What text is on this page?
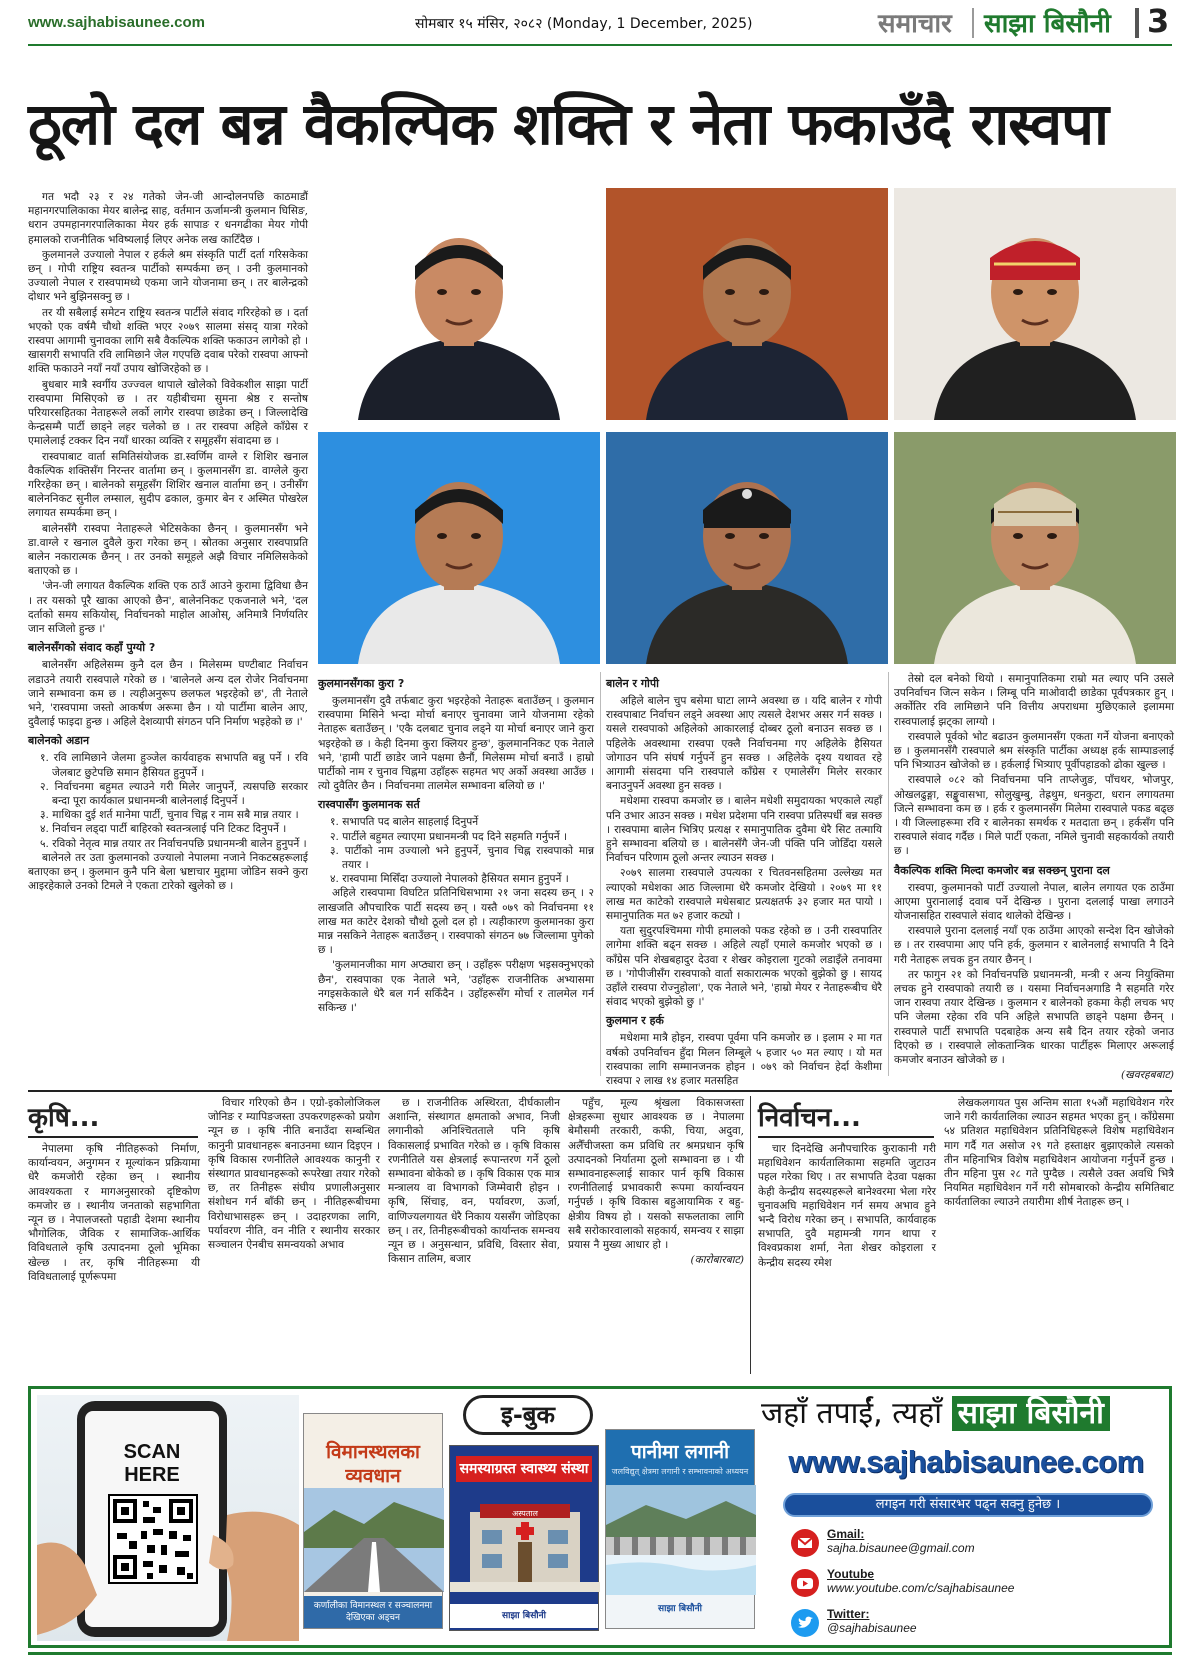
www.sajhabisaunee.com	सोमबार १५ मंसिर, २०८२ (Monday, 1 December, 2025)	समाचार साझा बिसौनी 3
ठूलो दल बन्न वैकल्पिक शक्ति र नेता फकाउँदै रास्वपा

गत भदौ २३ र २४ गतेको जेन-जी आन्दोलनपछि काठमाडौं महानगरपालिकाका मेयर बालेन्द्र साह, वर्तमान ऊर्जामन्त्री कुलमान घिसिङ, धरान उपमहानगरपालिकाका मेयर हर्क सापाङ र धनगढीका मेयर गोपी हमालको राजनीतिक भविष्यलाई लिएर अनेक लख काटिँदैछ ।

कुलमानले उज्यालो नेपाल र हर्कले श्रम संस्कृति पार्टी दर्ता गरिसकेका छन् । गोपी राष्ट्रिय स्वतन्त्र पार्टीको सम्पर्कमा छन् । उनी कुलमानको उज्यालो नेपाल र रास्वपामध्ये एकमा जाने योजनामा छन् । तर बालेन्द्रको दोधार भने बुझिनसक्नु छ ।

तर यी सबैलाई समेटन राष्ट्रिय स्वतन्त्र पार्टीले संवाद गरिरहेको छ । दर्ता भएको एक वर्षमै चौथो शक्ति भएर २०७९ सालमा संसद् यात्रा गरेको रास्वपा आगामी चुनावका लागि सबै वैकल्पिक शक्ति फकाउन लागेको हो । खासगरी सभापति रवि लामिछाने जेल गएपछि दवाब परेको रास्वपा आफ्नो शक्ति फकाउने नयाँ नयाँ उपाय खोजिरहेको छ ।

बुधबार मात्रै स्वर्गीय उज्ज्वल थापाले खोलेको विवेकशील साझा पार्टी रास्वपामा मिसिएको छ । तर यहीबीचमा सुमना श्रेष्ठ र सन्तोष परियारसहितका नेताहरूले लर्को लागेर रास्वपा छाडेका छन् । जिल्लादेखि केन्द्रसम्मै पार्टी छाड्ने लहर चलेको छ । तर रास्वपा अहिले काँग्रेस र एमालेलाई टक्कर दिन नयाँ धारका व्यक्ति र समूहसँग संवादमा छ ।

रास्वपाबाट वार्ता समितिसंयोजक डा.स्वर्णिम वाग्ले र शिशिर खनाल वैकल्पिक शक्तिसँग निरन्तर वार्तामा छन् । कुलमानसँग डा. वाग्लेले कुरा गरिरहेका छन् । बालेनको समूहसँग शिशिर खनाल वार्तामा छन् । उनीसँग बालेननिकट सुनील लम्साल, सुदीप ढकाल, कुमार बेन र अस्मित पोखरेल लगायत सम्पर्कमा छन् ।

बालेनसँगै रास्वपा नेताहरूले भेटिसकेका छैनन् । कुलमानसँग भने डा.वाग्ले र खनाल दुवैले कुरा गरेका छन् । स्रोतका अनुसार रास्वपाप्रति बालेन नकारात्मक छैनन् । तर उनको समूहले अझै विचार नमिलिसकेको बताएको छ ।

'जेन-जी लगायत वैकल्पिक शक्ति एक ठाउँ आउने कुरामा द्विविधा छैन । तर यसको पूरै खाका आएको छैन', बालेननिकट एकजनाले भने, 'दल दर्ताको समय सकियोस्, निर्वाचनको माहोल आओस्, अनिमात्रै निर्णयतिर जान सजिलो हुन्छ ।'

बालेनसँगको संवाद कहाँ पुग्यो ?

बालेनसँग अहिलेसम्म कुनै दल छैन । मिलेसम्म घण्टीबाट निर्वाचन लडाउने तयारी रास्वपाले गरेको छ । 'बालेनले अन्य दल रोजेर निर्वाचनमा जाने सम्भावना कम छ । त्यहीअनुरूप छलफल भइरहेको छ', ती नेताले भने, 'रास्वपामा जस्तो आकर्षण अरूमा छैन । यो पार्टीमा बालेन आए, दुवैलाई फाइदा हुन्छ । अहिले देशव्यापी संगठन पनि निर्माण भइहेको छ ।'

बालेनको अडान
१. रवि लामिछाने जेलमा हुञ्जेल कार्यवाहक सभापति बन्नु पर्ने । रवि जेलबाट छुटेपछि समान हैसियत हुनुपर्ने ।
२. निर्वाचनमा बहुमत ल्याउने गरी मिलेर जानुपर्ने, त्यसपछि सरकार बन्दा पूरा कार्यकाल प्रधानमन्त्री बालेनलाई दिनुपर्ने ।
३. माथिका दुई शर्त मानेमा पार्टी, चुनाव चिह्न र नाम सबै मान्न तयार ।
४. निर्वाचन लड्दा पार्टी बाहिरको स्वतन्त्रलाई पनि टिकट दिनुपर्ने ।
५. रविको नेतृत्व मान्न तयार तर निर्वाचनपछि प्रधानमन्त्री बालेन हुनुपर्ने ।

बालेनले तर उता कुलमानको उज्यालो नेपालमा नजाने निकटस्रहरूलाई बताएका छन् । कुलमान कुनै पनि बेला भ्रष्टाचार मुद्दामा जोडिन सक्ने कुरा आइरहेकाले उनको टिमले ने एकता टारेको खुलेको छ ।

कुलमानसँगका कुरा ?

कुलमानसँग दुवै तर्फबाट कुरा भइरहेको नेताहरू बताउँछन् । कुलमान रास्वपामा मिसिने भन्दा मोर्चा बनाएर चुनावमा जाने योजनामा रहेको नेताहरू बताउँछन् । 'एकै दलबाट चुनाव लड्ने या मोर्चा बनाएर जाने कुरा भइरहेको छ । केही दिनमा कुरा क्लियर हुन्छ', कुलमाननिकट एक नेताले भने, 'हामी पार्टी छाडेर जाने पक्षमा छैनौं, मिलेसम्म मोर्चा बनाउँ । हाम्रो पार्टीको नाम र चुनाव चिह्नमा उहाँहरू सहमत भए अर्को अवस्था आउँछ । त्यो दुवैतिर छैन । निर्वाचनमा तालमेल सम्भावना बलियो छ ।'

रास्वपासँग कुलमानक सर्त
१. सभापति पद बालेन साहलाई दिनुपर्ने
२. पार्टीले बहुमत ल्याएमा प्रधानमन्त्री पद दिने सहमति गर्नुपर्ने ।
३. पार्टीको नाम उज्यालो भने हुनुपर्ने, चुनाव चिह्न रास्वपाको मान्न तयार ।
४. रास्वपामा मिसिँदा उज्यालो नेपालको हैसियत समान हुनुपर्ने ।

अहिले रास्वपामा विघटित प्रतिनिधिसभामा २१ जना सदस्य छन् । २ लाखजति औपचारिक पार्टी सदस्य छन् । यस्तै ०७९ को निर्वाचनमा ११ लाख मत काटेर देशको चौथो ठूलो दल हो । त्यहीकारण कुलमानका कुरा मान्न नसकिने नेताहरू बताउँछन् । रास्वपाको संगठन ७७ जिल्लामा पुगेको छ ।

'कुलमानजीका माग अप्ठ्यारा छन् । उहाँहरू परीक्षण भइसक्नुभएको छैन', रास्वपाका एक नेताले भने, 'उहाँहरू राजनीतिक अभ्यासमा नगइसकेकाले धेरै बल गर्न सकिँदैन । उहाँहरूसँग मोर्चा र तालमेल गर्न सकिन्छ ।'

बालेन र गोपी

अहिले बालेन चुप बसेमा घाटा लाग्ने अवस्था छ । यदि बालेन र गोपी रास्वपाबाट निर्वाचन लड्ने अवस्था आए त्यसले देशभर असर गर्न सक्छ । यसले रास्वपाको अहिलेको आकारलाई दोब्बर ठूलो बनाउन सक्छ छ । पहिलेके अवस्थामा रास्वपा एक्लै निर्वाचनमा गए अहिलेके हैसियत जोगाउन पनि संघर्ष गर्नुपर्ने हुन सक्छ । अहिलेके दृश्य यथावत रहे आगामी संसदमा पनि रास्वपाले काँग्रेस र एमालेसँग मिलेर सरकार बनाउनुपर्ने अवस्था हुन सक्छ ।

मधेशमा रास्वपा कमजोर छ । बालेन मधेशी समुदायका भएकाले त्यहाँ पनि उभार आउन सक्छ । मधेश प्रदेशमा पनि रास्वपा प्रतिस्पर्धी बन्न सक्छ । रास्वपामा बालेन भित्रिए प्रत्यक्ष र समानुपातिक दुवैमा धेरै सिट तत्मायि हुने सम्भावना बलियो छ । बालेनसँगै जेन-जी पंक्ति पनि जोडिँदा यसले निर्वाचन परिणाम ठूलो अन्तर ल्याउन सक्छ ।

२०७९ सालमा रास्वपाले उपत्यका र चितवनसहितमा उल्लेख्य मत ल्याएको मधेशका आठ जिल्लामा धेरै कमजोर देखियो । २०७९ मा ११ लाख मत काटेको रास्वपाले मधेसबाट प्रत्यक्षतर्फ ३२ हजार मत पायो । समानुपातिक मत ७२ हजार कट्यो ।

यता सुदुरपश्चिममा गोपी हमालको पकड रहेको छ । उनी रास्वपातिर लागेमा शक्ति बढ्न सक्छ । अहिले त्यहाँ एमाले कमजोर भएको छ । काँग्रेस पनि शेखबहादुर देउवा र शेखर कोइराला गुटको लडाइँले तनावमा छ । 'गोपीजीसँग रास्वपाको वार्ता सकारात्मक भएको बुझेको छु । सायद उहाँले रास्वपा रोज्नुहोला', एक नेताले भने, 'हाम्रो मेयर र नेताहरूबीच धेरै संवाद भएको बुझेको छु ।'

कुलमान र हर्क

मधेशमा मात्रै होइन, रास्वपा पूर्वमा पनि कमजोर छ । इलाम २ मा गत वर्षको उपनिर्वाचन हुँदा मिलन लिम्बूले ५ हजार ५० मत ल्याए । यो मत रास्वपाका लागि सम्मानजनक होइन । ०७९ को निर्वाचन हेर्दा केशीमा रास्वपा २ लाख १४ हजार मतसहित

तेस्रो दल बनेको थियो । समानुपातिकमा राम्रो मत ल्याए पनि उसले उपनिर्वाचन जित्न सकेन । लिम्बू पनि माओवादी छाडेका पूर्वपत्रकार हुन् । अर्कोतिर रवि लामिछाने पनि वित्तीय अपराधमा मुछिएकाले इलाममा रास्वपालाई झट्का लाग्यो ।

रास्वपाले पूर्वको भोट बढाउन कुलमानसँग एकता गर्ने योजना बनाएको छ । कुलमानसँगै रास्वपाले श्रम संस्कृति पार्टीका अध्यक्ष हर्क साम्पाङलाई पनि भित्र्याउन खोजेको छ । हर्कलाई भित्र्याए पूर्वीपहाडको ढोका खुल्छ ।

रास्वपाले ०८२ को निर्वाचनमा पनि ताप्लेजुङ, पाँचथर, भोजपुर, ओखलढुङ्गा, सङ्खुवासभा, सोलुखुम्बु, तेह्रथुम, धनकुटा, धरान लगायतमा जित्ने सम्भावना कम छ । हर्क र कुलमानसँग मिलेमा रास्वपाले पकड बढ्छ । यी जिल्लाहरूमा रवि र बालेनका समर्थक र मतदाता छन् । हर्कसँग पनि रास्वपाले संवाद गर्दैछ । मिले पार्टी एकता, नमिले चुनावी सहकार्यको तयारी छ ।

वैकल्पिक शक्ति मिल्दा कमजोर बन्न सक्छन् पुराना दल

रास्वपा, कुलमानको पार्टी उज्यालो नेपाल, बालेन लगायत एक ठाउँमा आएमा पुरानालाई दवाब पर्ने देखिन्छ । पुराना दललाई पाखा लगाउने योजनासहित रास्वपाले संवाद थालेको देखिन्छ ।

रास्वपाले पुराना दललाई नयाँ एक ठाउँमा आएको सन्देश दिन खोजेको छ । तर रास्वपामा आए पनि हर्क, कुलमान र बालेनलाई सभापति नै दिने गरी नेताहरू लचक हुन तयार छैनन् ।

तर फागुन २१ को निर्वाचनपछि प्रधानमन्त्री, मन्त्री र अन्य नियुक्तिमा लचक हुने रास्वपाको तयारी छ । यसमा निर्वाचनअगाडि नै सहमति गरेर जान रास्वपा तयार देखिन्छ । कुलमान र बालेनको हकमा केही लचक भए पनि जेलमा रहेका रवि पनि अहिले सभापति छाड्ने पक्षमा छैनन् । रास्वपाले पार्टी सभापति पदबाहेक अन्य सबै दिन तयार रहेको जनाउ दिएको छ । रास्वपाले लोकतान्त्रिक धारका पार्टीहरू मिलाएर अरूलाई कमजोर बनाउन खोजेको छ ।

(खवरहबबाट)
कृषि...

नेपालमा कृषि नीतिहरूको निर्माण, कार्यान्वयन, अनुगमन र मूल्यांकन प्रक्रियामा धेरै कमजोरी रहेका छन् । स्थानीय आवश्यकता र मागअनुसारको दृष्टिकोण कमजोर छ । स्थानीय जनताको सहभागिता न्यून छ । नेपालजस्तो पहाडी देशमा स्थानीय भौगोलिक, जैविक र सामाजिक-आर्थिक विविधताले कृषि उत्पादनमा ठूलो भूमिका खेल्छ । तर, कृषि नीतिहरूमा यी विविधतालाई पूर्णरूपमा

विचार गरिएको छैन । एग्रो-इकोलोजिकल जोनिङ र म्यापिङजस्ता उपकरणहरूको प्रयोग न्यून छ । कृषि नीति बनाउँदा सम्बन्धित कानुनी प्रावधानहरू बनाउनमा ध्यान दिइएन । कृषि विकास रणनीतिले आवश्यक कानुनी र संस्थागत प्रावधानहरूको रूपरेखा तयार गरेको छ, तर तिनीहरू संघीय प्रणालीअनुसार संशोधन गर्न बाँकी छन् । नीतिहरूबीचमा विरोधाभासहरू छन् । उदाहरणका लागि, पर्यावरण नीति, वन नीति र स्थानीय सरकार सञ्चालन ऐनबीच समन्वयको अभाव

छ । राजनीतिक अस्थिरता, दीर्घकालीन अशान्ति, संस्थागत क्षमताको अभाव, निजी लगानीको अनिश्चितताले पनि कृषि विकासलाई प्रभावित गरेको छ । कृषि विकास रणनीतिले यस क्षेत्रलाई रूपान्तरण गर्ने ठूलो सम्भावना बोकेको छ । कृषि विकास एक मात्र मन्त्रालय वा विभागको जिम्मेवारी होइन । कृषि, सिंचाइ, वन, पर्यावरण, ऊर्जा, वाणिज्यलगायत धेरै निकाय यससँग जोडिएका छन् । तर, तिनीहरूबीचको कार्यान्तक समन्वय न्यून छ । अनुसन्धान, प्रविधि, विस्तार सेवा, किसान तालिम, बजार

पहुँच, मूल्य श्रृंखला विकासजस्ता क्षेत्रहरूमा सुधार आवश्यक छ । नेपालमा बेमौसमी तरकारी, कफी, चिया, अदुवा, अलैँचीजस्ता कम प्रविधि तर श्रमप्रधान कृषि उत्पादनको निर्यातमा ठूलो सम्भावना छ । यी सम्भावनाहरूलाई साकार पार्न कृषि विकास रणनीतिलाई प्रभावकारी रूपमा कार्यान्वयन गर्नुपर्छ । कृषि विकास बहुआयामिक र बहु-क्षेत्रीय विषय हो । यसको सफलताका लागि सबै सरोकारवालाको सहकार्य, समन्वय र साझा प्रयास नै मुख्य आधार हो ।

(कारोबारबाट)
निर्वाचन...

चार दिनदेखि अनौपचारिक कुराकानी गरी महाधिवेशन कार्यतालिकामा सहमति जुटाउन पहल गरेका थिए । तर सभापति देउवा पक्षका केही केन्द्रीय सदस्यहरूले बानेश्वरमा भेला गरेर चुनावअघि महाधिवेशन गर्न समय अभाव हुने भन्दै विरोध गरेका छन् । सभापति, कार्यवाहक सभापति, दुवै महामन्त्री गगन थापा र विश्वप्रकाश शर्मा, नेता शेखर कोइराला र केन्द्रीय सदस्य रमेश

लेखकलगायत पुस अन्तिम साता १५औं महाधिवेशन गरेर जाने गरी कार्यतालिका ल्याउन सहमत भएका हुन् । काँग्रेसमा ५४ प्रतिशत महाधिवेशन प्रतिनिधिहरूले विशेष महाधिवेशन माग गर्दै गत असोज २९ गते हस्ताक्षर बुझाएकोले त्यसको तीन महिनाभित्र विशेष महाधिवेशन आयोजना गर्नुपर्ने हुन्छ । तीन महिना पुस २८ गते पुग्दैछ । त्यसैले उक्त अवधि भित्रै नियमित महाधिवेशन गर्ने गरी सोमबारको केन्द्रीय समितिबाट कार्यतालिका ल्याउने तयारीमा शीर्ष नेताहरू छन् ।

SCAN HERE
इ-बुक
विमानस्थलका व्यवधान
कर्णालीका विमानस्थल र सञ्चालनमा देखिएका अड्चन
समस्याग्रस्त स्वास्थ्य संस्था
अस्पताल
साझा बिसौनी
पानीमा लगानी
जलविद्युत् क्षेत्रमा लगानी र सम्भावनाको अध्ययन
साझा बिसौनी
जहाँ तपाईं, त्यहाँ साझा बिसौनी
www.sajhabisaunee.com
लगइन गरी संसारभर पढ्न सक्नु हुनेछ ।
Gmail:
sajha.bisaunee@gmail.com
Youtube
www.youtube.com/c/sajhabisaunee
Twitter:
@sajhabisaunee
